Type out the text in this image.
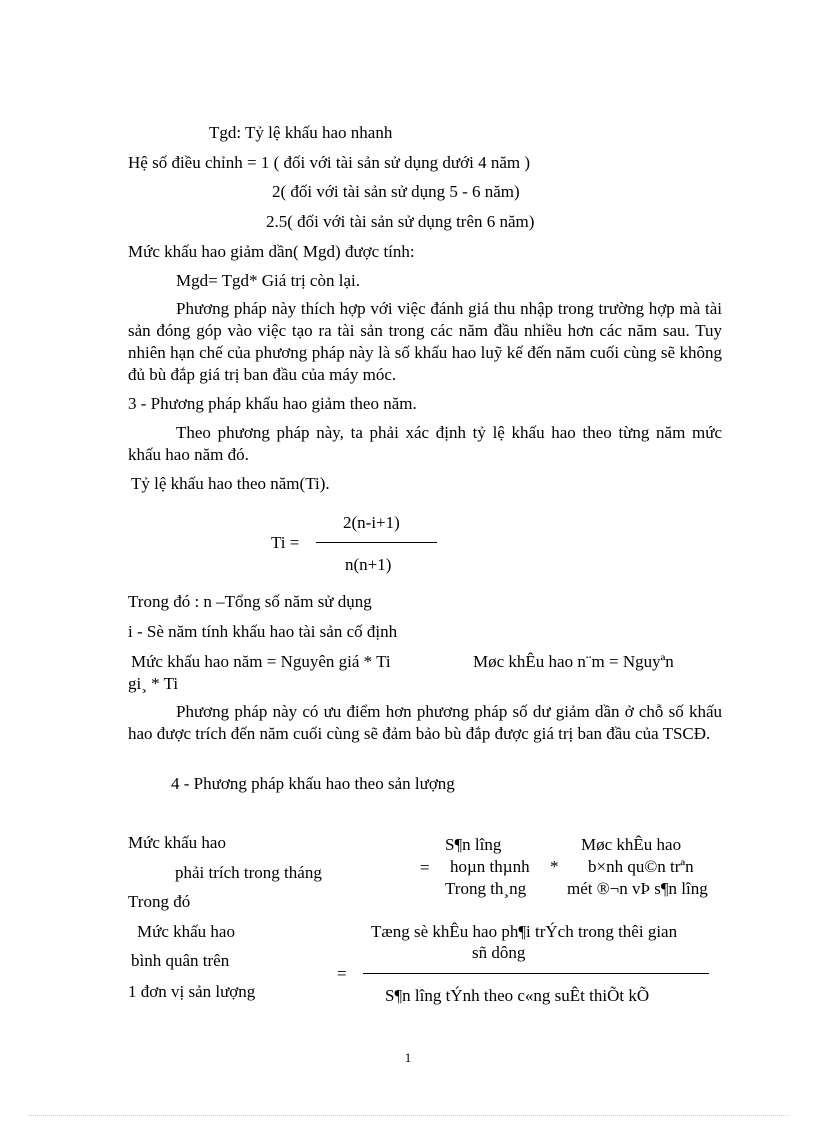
Tgd: Tỷ lệ khấu hao nhanh
Hệ số điều chỉnh = 1 ( đối với tài sản sử dụng dưới 4 năm )
2( đối với tài sản sử dụng 5 - 6 năm)
2.5( đối với tài sản sử dụng trên 6 năm)
Mức khấu hao giảm dần( Mgd) được tính:
Mgd= Tgd* Giá trị còn lại.
Phương pháp này thích hợp với việc đánh giá thu nhập trong trường hợp mà tài sản đóng góp vào việc tạo ra tài sản trong các năm đầu nhiều hơn các năm sau. Tuy nhiên hạn chế của phương pháp này là số khấu hao luỹ kế đến năm cuối cùng sẽ không đủ bù đắp giá trị ban đầu của máy móc.
3 - Phương pháp khấu hao giảm theo năm.
Theo phương pháp này, ta phải xác định tỷ lệ khấu hao theo từng năm mức khấu hao năm đó.
Tỷ lệ khấu hao theo năm(Ti).
Ti =
2(n-i+1)
n(n+1)
Trong đó : n –Tổng số năm sử dụng
i - Sè năm tính khấu hao tài sản cố định
Mức khấu hao năm = Nguyên giá * Ti	Møc khÊu hao n¨m = Nguyªn
gi¸ * Ti
Phương pháp này có ưu điểm hơn phương pháp số dư giảm dần ở chỗ số khấu hao được trích đến năm cuối cùng sẽ đảm bảo bù đắp được giá trị ban đầu của TSCĐ.
4 - Phương pháp khấu hao theo sản lượng
Mức khấu hao
phải trích trong tháng	=
S¶n lîng
hoµn thµnh
Trong th¸ng
*
Møc khÊu hao
b×nh qu©n trªn
mét ®¬n vÞ s¶n lîng
Trong đó
Mức khấu hao
bình quân trên
1 đơn vị sản lượng
=
Tæng sè khÊu hao ph¶i trÝch trong thêi gian
sñ dông
S¶n lîng tÝnh theo c«ng suÊt thiÕt kÕ
1
